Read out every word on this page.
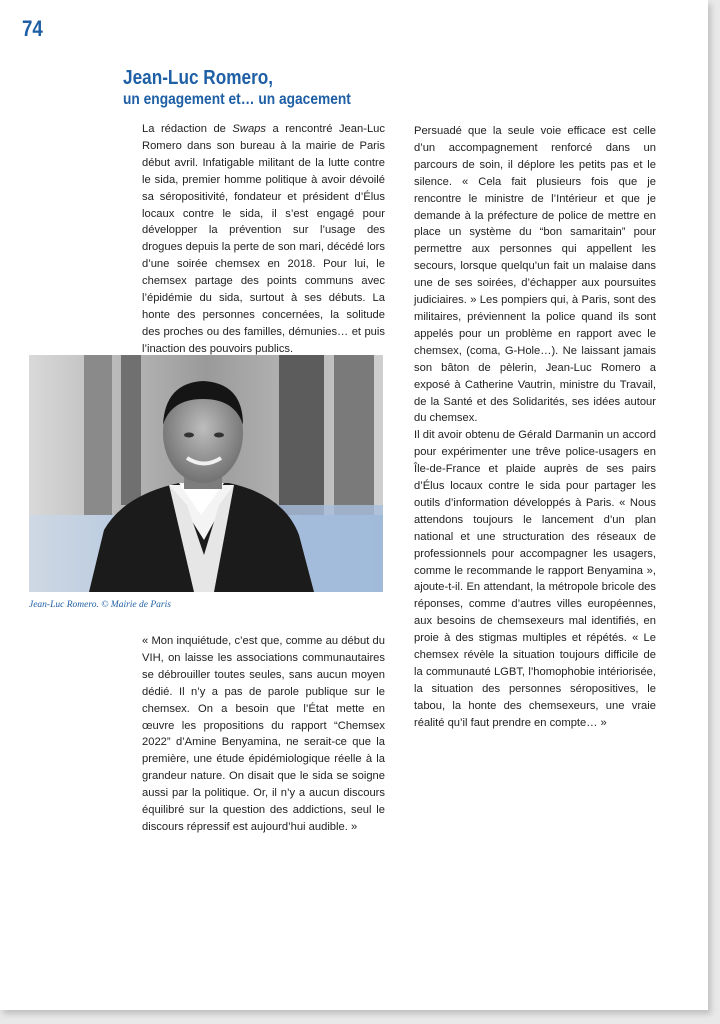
74
Jean-Luc Romero,
un engagement et… un agacement

La rédaction de Swaps a rencontré Jean-Luc Romero dans son bureau à la mairie de Paris début avril. Infatigable militant de la lutte contre le sida, premier homme politique à avoir dévoilé sa séropositivité, fondateur et président d’Élus locaux contre le sida, il s’est engagé pour développer la prévention sur l’usage des drogues depuis la perte de son mari, décédé lors d’une soirée chemsex en 2018. Pour lui, le chemsex partage des points communs avec l’épidémie du sida, surtout à ses débuts. La honte des personnes concernées, la solitude des proches ou des familles, démunies… et puis l’inaction des pouvoirs publics.

Jean-Luc Romero. © Mairie de Paris

« Mon inquiétude, c’est que, comme au début du VIH, on laisse les associations communautaires se débrouiller toutes seules, sans aucun moyen dédié. Il n’y a pas de parole publique sur le chemsex. On a besoin que l’État mette en œuvre les propositions du rapport “Chemsex 2022” d’Amine Benyamina, ne serait-ce que la première, une étude épidémiologique réelle à la grandeur nature. On disait que le sida se soigne aussi par la politique. Or, il n’y a aucun discours équilibré sur la question des addictions, seul le discours répressif est aujourd’hui audible. »

Persuadé que la seule voie efficace est celle d’un accompagnement renforcé dans un parcours de soin, il déplore les petits pas et le silence. « Cela fait plusieurs fois que je rencontre le ministre de l’Intérieur et que je demande à la préfecture de police de mettre en place un système du “bon samaritain” pour permettre aux personnes qui appellent les secours, lorsque quelqu’un fait un malaise dans une de ses soirées, d’échapper aux poursuites judiciaires. » Les pompiers qui, à Paris, sont des militaires, préviennent la police quand ils sont appelés pour un problème en rapport avec le chemsex, (coma, G-Hole…). Ne laissant jamais son bâton de pèlerin, Jean-Luc Romero a exposé à Catherine Vautrin, ministre du Travail, de la Santé et des Solidarités, ses idées autour du chemsex.

Il dit avoir obtenu de Gérald Darmanin un accord pour expérimenter une trêve police-usagers en Île-de-France et plaide auprès de ses pairs d’Élus locaux contre le sida pour partager les outils d’information développés à Paris. « Nous attendons toujours le lancement d’un plan national et une structuration des réseaux de professionnels pour accompagner les usagers, comme le recommande le rapport Benyamina », ajoute-t-il. En attendant, la métropole bricole des réponses, comme d’autres villes européennes, aux besoins de chemsexeurs mal identifiés, en proie à des stigmas multiples et répétés. « Le chemsex révèle la situation toujours difficile de la communauté LGBT, l’homophobie intériorisée, la situation des personnes séropositives, le tabou, la honte des chemsexeurs, une vraie réalité qu’il faut prendre en compte… »
